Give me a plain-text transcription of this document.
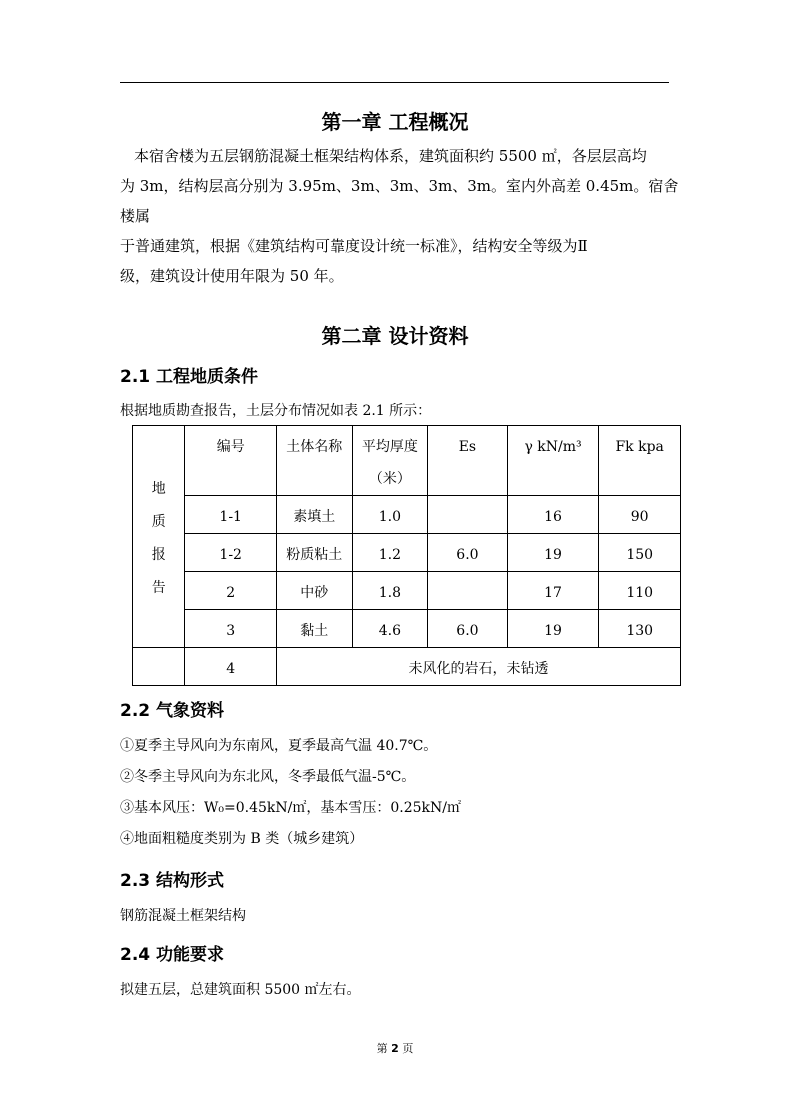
第一章 工程概况
本宿舍楼为五层钢筋混凝土框架结构体系，建筑面积约 5500 ㎡，各层层高均
为 3m，结构层高分别为 3.95m、3m、3m、3m、3m。室内外高差 0.45m。宿舍楼属
于普通建筑，根据《建筑结构可靠度设计统一标准》，结构安全等级为Ⅱ
级，建筑设计使用年限为 50 年。
第二章 设计资料
2.1 工程地质条件
根据地质勘查报告，土层分布情况如表 2.1 所示：
地
质
报
告	编号	土体名称	平均厚度（米）	Es	γ kN/m³	Fk kpa
	1-1	素填土	1.0		16	90
	1-2	粉质粘土	1.2	6.0	19	150
	2	中砂	1.8		17	110
	3	黏土	4.6	6.0	19	130
	4	未风化的岩石，未钻透				
2.2 气象资料
①夏季主导风向为东南风，夏季最高气温 40.7℃。
②冬季主导风向为东北风，冬季最低气温-5℃。
③基本风压：W₀=0.45kN/㎡，基本雪压：0.25kN/㎡
④地面粗糙度类别为 B 类（城乡建筑）
2.3 结构形式
钢筋混凝土框架结构
2.4 功能要求
拟建五层，总建筑面积 5500 ㎡左右。
第 2 页
